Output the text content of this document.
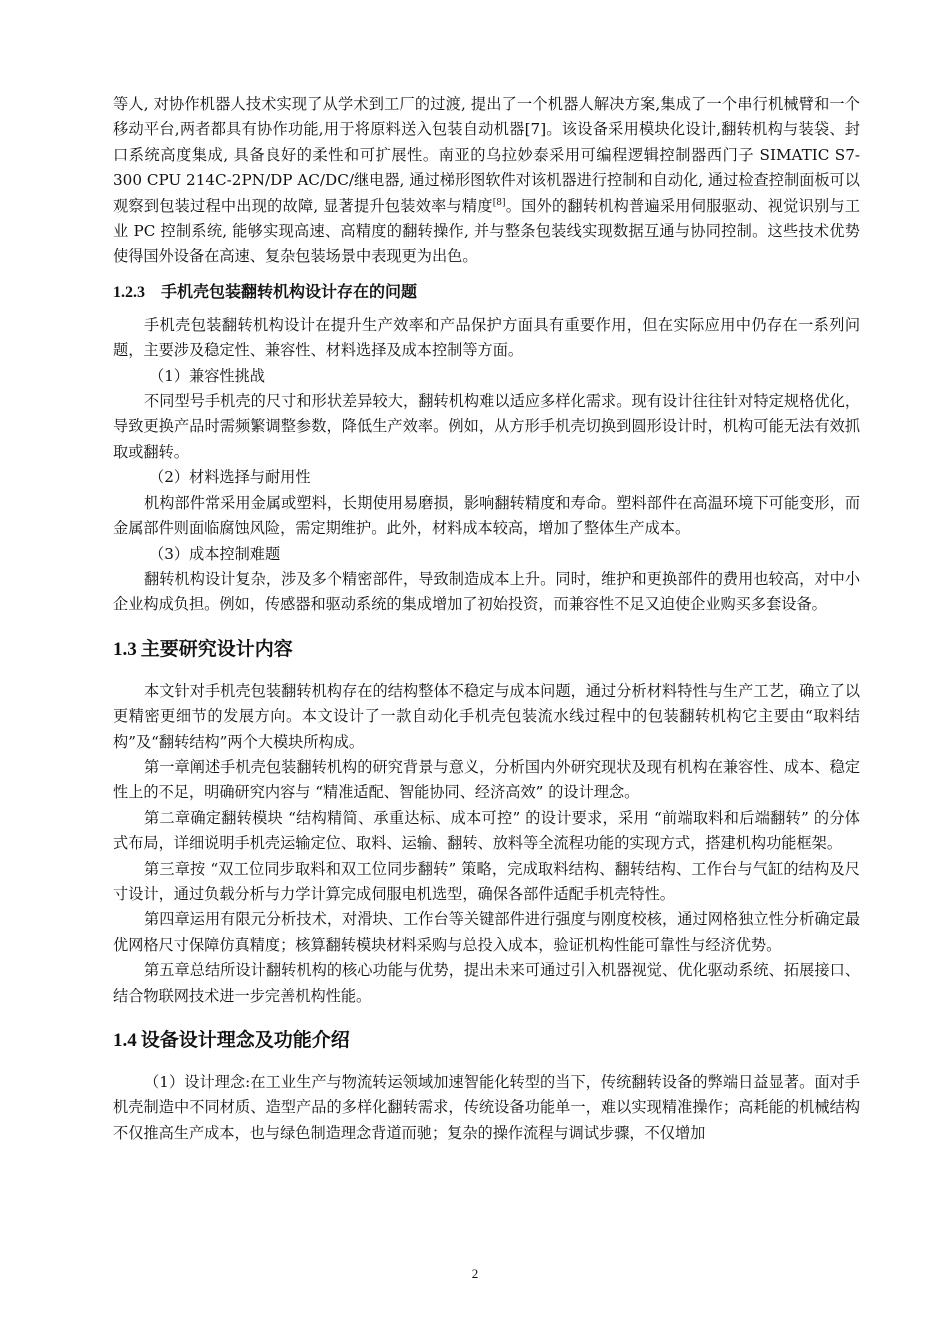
等人, 对协作机器人技术实现了从学术到工厂的过渡, 提出了一个机器人解决方案,集成了一个串行机械臂和一个移动平台,两者都具有协作功能,用于将原料送入包装自动机器[7]。该设备采用模块化设计,翻转机构与装袋、封口系统高度集成, 具备良好的柔性和可扩展性。南亚的乌拉妙泰采用可编程逻辑控制器西门子 SIMATIC S7-300 CPU 214C-2PN/DP AC/DC/继电器, 通过梯形图软件对该机器进行控制和自动化, 通过检查控制面板可以观察到包装过程中出现的故障, 显著提升包装效率与精度[8]。国外的翻转机构普遍采用伺服驱动、视觉识别与工业 PC 控制系统, 能够实现高速、高精度的翻转操作, 并与整条包装线实现数据互通与协同控制。这些技术优势使得国外设备在高速、复杂包装场景中表现更为出色。

1.2.3 手机壳包装翻转机构设计存在的问题

手机壳包装翻转机构设计在提升生产效率和产品保护方面具有重要作用，但在实际应用中仍存在一系列问题，主要涉及稳定性、兼容性、材料选择及成本控制等方面。

（1）兼容性挑战

不同型号手机壳的尺寸和形状差异较大，翻转机构难以适应多样化需求。现有设计往往针对特定规格优化，导致更换产品时需频繁调整参数，降低生产效率。例如，从方形手机壳切换到圆形设计时，机构可能无法有效抓取或翻转。

（2）材料选择与耐用性

机构部件常采用金属或塑料，长期使用易磨损，影响翻转精度和寿命。塑料部件在高温环境下可能变形，而金属部件则面临腐蚀风险，需定期维护。此外，材料成本较高，增加了整体生产成本。

（3）成本控制难题

翻转机构设计复杂，涉及多个精密部件，导致制造成本上升。同时，维护和更换部件的费用也较高，对中小企业构成负担。例如，传感器和驱动系统的集成增加了初始投资，而兼容性不足又迫使企业购买多套设备。

1.3 主要研究设计内容

本文针对手机壳包装翻转机构存在的结构整体不稳定与成本问题，通过分析材料特性与生产工艺，确立了以更精密更细节的发展方向。本文设计了一款自动化手机壳包装流水线过程中的包装翻转机构它主要由“取料结构”及“翻转结构”两个大模块所构成。

第一章阐述手机壳包装翻转机构的研究背景与意义，分析国内外研究现状及现有机构在兼容性、成本、稳定性上的不足，明确研究内容与 “精准适配、智能协同、经济高效” 的设计理念。

第二章确定翻转模块 “结构精简、承重达标、成本可控” 的设计要求，采用 “前端取料和后端翻转” 的分体式布局，详细说明手机壳运输定位、取料、运输、翻转、放料等全流程功能的实现方式，搭建机构功能框架。

第三章按 “双工位同步取料和双工位同步翻转” 策略，完成取料结构、翻转结构、工作台与气缸的结构及尺寸设计，通过负载分析与力学计算完成伺服电机选型，确保各部件适配手机壳特性。

第四章运用有限元分析技术，对滑块、工作台等关键部件进行强度与刚度校核，通过网格独立性分析确定最优网格尺寸保障仿真精度；核算翻转模块材料采购与总投入成本，验证机构性能可靠性与经济优势。

第五章总结所设计翻转机构的核心功能与优势，提出未来可通过引入机器视觉、优化驱动系统、拓展接口、结合物联网技术进一步完善机构性能。

1.4 设备设计理念及功能介绍

（1）设计理念:在工业生产与物流转运领域加速智能化转型的当下，传统翻转设备的弊端日益显著。面对手机壳制造中不同材质、造型产品的多样化翻转需求，传统设备功能单一，难以实现精准操作；高耗能的机械结构不仅推高生产成本，也与绿色制造理念背道而驰；复杂的操作流程与调试步骤，不仅增加

2
